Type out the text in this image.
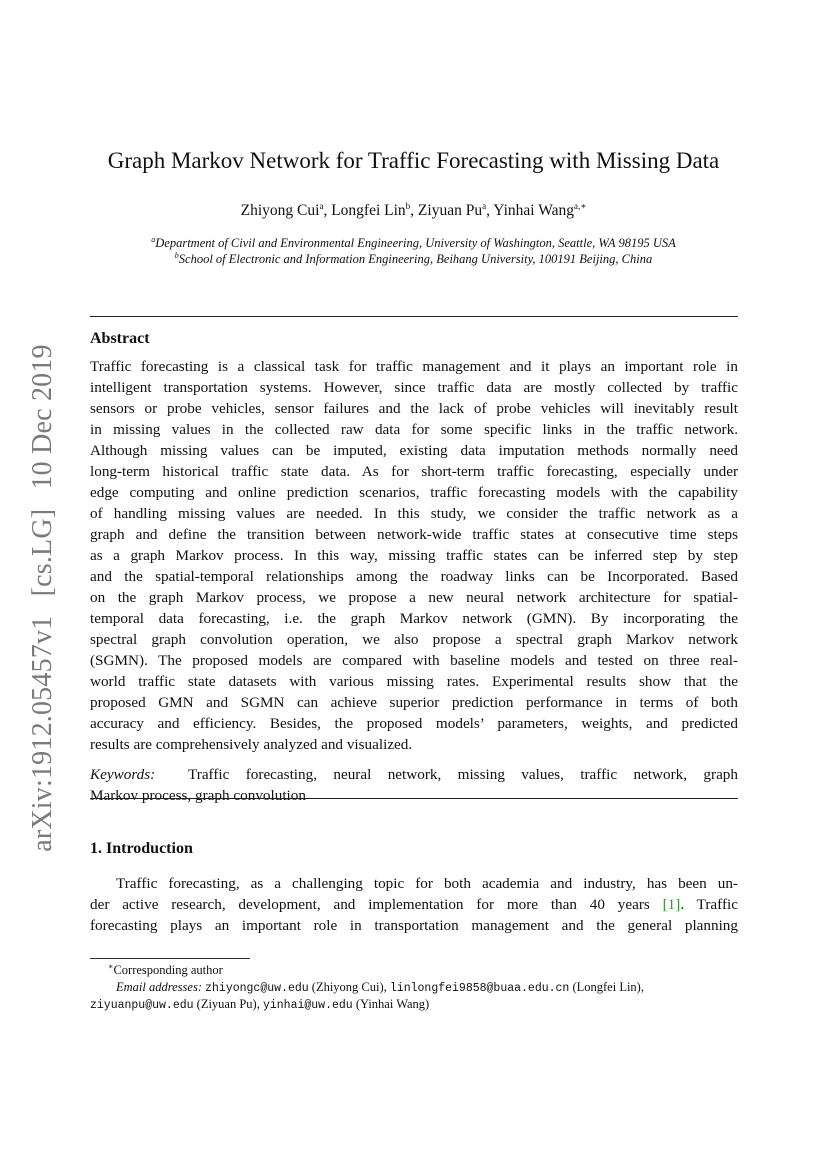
arXiv:1912.05457v1 [cs.LG] 10 Dec 2019
Graph Markov Network for Traffic Forecasting with Missing Data
Zhiyong Cui$^a$, Longfei Lin$^b$, Ziyuan Pu$^a$, Yinhai Wang$^{a,∗}$
$^a$Department of Civil and Environmental Engineering, University of Washington, Seattle, WA 98195 USA
$^b$School of Electronic and Information Engineering, Beihang University, 100191 Beijing, China
Abstract
Traffic forecasting is a classical task for traffic management and it plays an important role in
intelligent transportation systems. However, since traffic data are mostly collected by traffic
sensors or probe vehicles, sensor failures and the lack of probe vehicles will inevitably result
in missing values in the collected raw data for some specific links in the traffic network.
Although missing values can be imputed, existing data imputation methods normally need
long-term historical traffic state data. As for short-term traffic forecasting, especially under
edge computing and online prediction scenarios, traffic forecasting models with the capability
of handling missing values are needed. In this study, we consider the traffic network as a
graph and define the transition between network-wide traffic states at consecutive time steps
as a graph Markov process. In this way, missing traffic states can be inferred step by step
and the spatial-temporal relationships among the roadway links can be Incorporated. Based
on the graph Markov process, we propose a new neural network architecture for spatial-
temporal data forecasting, i.e. the graph Markov network (GMN). By incorporating the
spectral graph convolution operation, we also propose a spectral graph Markov network
(SGMN). The proposed models are compared with baseline models and tested on three real-
world traffic state datasets with various missing rates. Experimental results show that the
proposed GMN and SGMN can achieve superior prediction performance in terms of both
accuracy and efficiency. Besides, the proposed models’ parameters, weights, and predicted
results are comprehensively analyzed and visualized.
Keywords: Traffic forecasting, neural network, missing values, traffic network, graph
Markov process, graph convolution
1. Introduction
Traffic forecasting, as a challenging topic for both academia and industry, has been un-
der active research, development, and implementation for more than 40 years [1]. Traffic
forecasting plays an important role in transportation management and the general planning
∗Corresponding author
Email addresses: zhiyongc@uw.edu (Zhiyong Cui), linlongfei9858@buaa.edu.cn (Longfei Lin),
ziyuanpu@uw.edu (Ziyuan Pu), yinhai@uw.edu (Yinhai Wang)
